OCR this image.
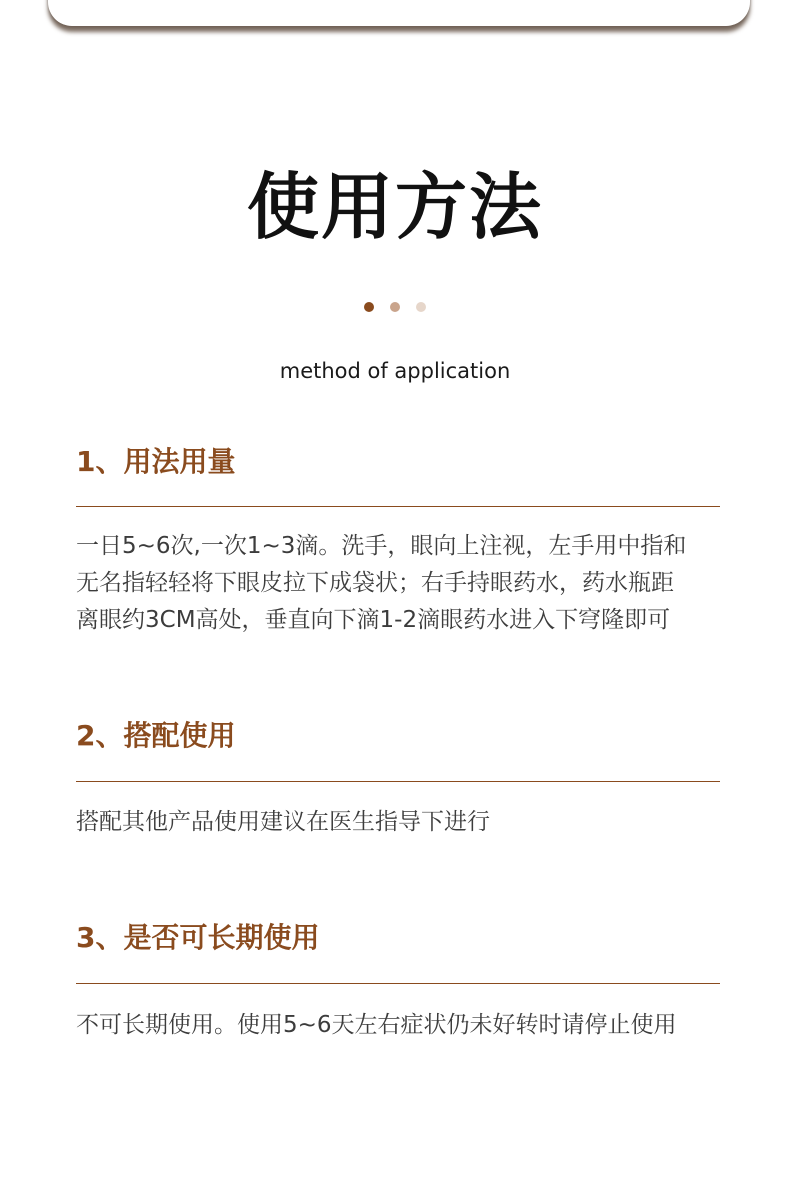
使用方法

method of application

1、用法用量

一日5~6次,一次1~3滴。洗手，眼向上注视，左手用中指和
无名指轻轻将下眼皮拉下成袋状；右手持眼药水，药水瓶距
离眼约3CM高处，垂直向下滴1-2滴眼药水进入下穹隆即可

2、搭配使用

搭配其他产品使用建议在医生指导下进行

3、是否可长期使用

不可长期使用。使用5~6天左右症状仍未好转时请停止使用
